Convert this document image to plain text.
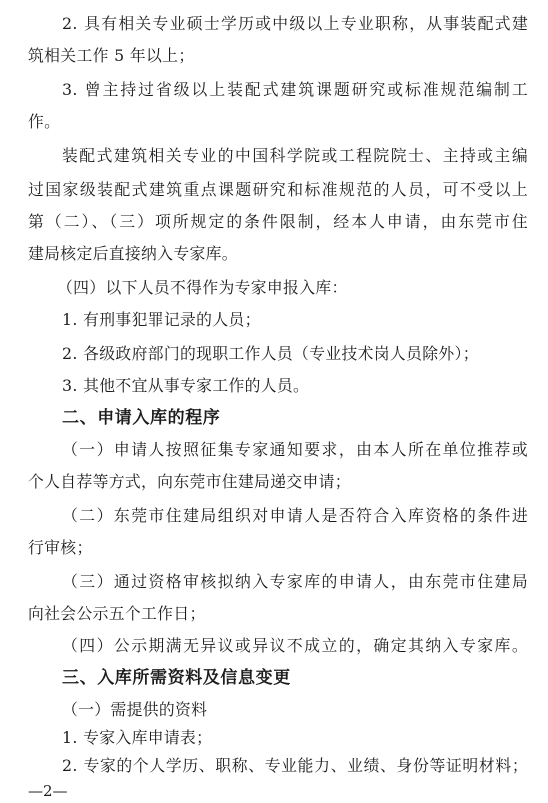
2. 具有相关专业硕士学历或中级以上专业职称，从事装配式建
筑相关工作 5 年以上；
3. 曾主持过省级以上装配式建筑课题研究或标准规范编制工
作。
装配式建筑相关专业的中国科学院或工程院院士、主持或主编
过国家级装配式建筑重点课题研究和标准规范的人员，可不受以上
第（二）、（三）项所规定的条件限制，经本人申请，由东莞市住
建局核定后直接纳入专家库。
（四）以下人员不得作为专家申报入库：
1. 有刑事犯罪记录的人员；
2. 各级政府部门的现职工作人员（专业技术岗人员除外）；
3. 其他不宜从事专家工作的人员。
二、申请入库的程序
（一）申请人按照征集专家通知要求，由本人所在单位推荐或
个人自荐等方式，向东莞市住建局递交申请；
（二）东莞市住建局组织对申请人是否符合入库资格的条件进
行审核；
（三）通过资格审核拟纳入专家库的申请人，由东莞市住建局
向社会公示五个工作日；
（四）公示期满无异议或异议不成立的，确定其纳入专家库。
三、入库所需资料及信息变更
（一）需提供的资料
1. 专家入库申请表；
2. 专家的个人学历、职称、专业能力、业绩、身份等证明材料；
—2—
